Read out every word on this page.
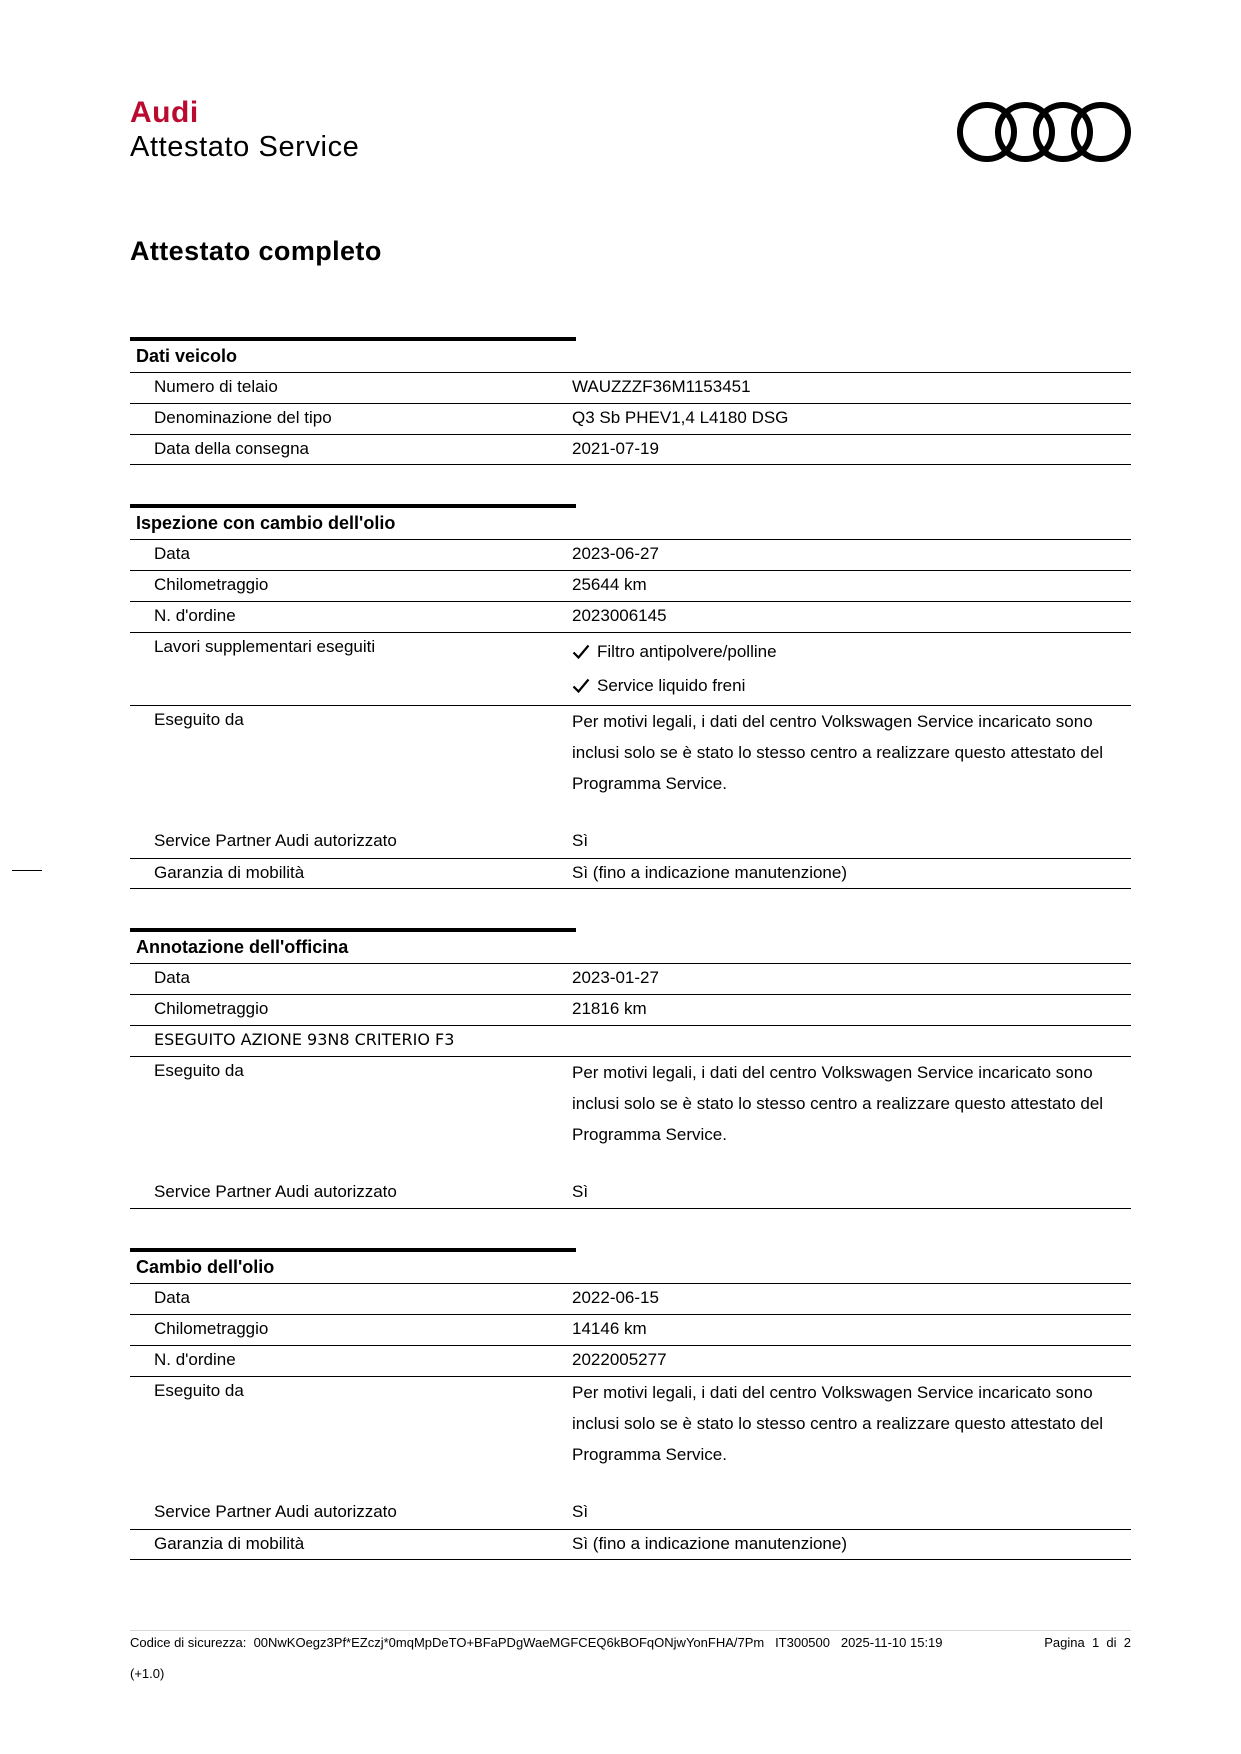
Audi
Attestato Service
Attestato completo
Dati veicolo
Numero di telaio	WAUZZZF36M1153451
Denominazione del tipo	Q3 Sb PHEV1,4 L4180 DSG
Data della consegna	2021-07-19
Ispezione con cambio dell'olio
Data	2023-06-27
Chilometraggio	25644 km
N. d'ordine	2023006145
Lavori supplementari eseguiti	Filtro antipolvere/polline
Service liquido freni
Eseguito da	Per motivi legali, i dati del centro Volkswagen Service incaricato sono inclusi solo se è stato lo stesso centro a realizzare questo attestato del Programma Service.
Service Partner Audi autorizzato	Sì
Garanzia di mobilità	Sì (fino a indicazione manutenzione)
Annotazione dell'officina
Data	2023-01-27
Chilometraggio	21816 km
ESEGUITO AZIONE 93N8 CRITERIO F3
Eseguito da	Per motivi legali, i dati del centro Volkswagen Service incaricato sono inclusi solo se è stato lo stesso centro a realizzare questo attestato del Programma Service.
Service Partner Audi autorizzato	Sì
Cambio dell'olio
Data	2022-06-15
Chilometraggio	14146 km
N. d'ordine	2022005277
Eseguito da	Per motivi legali, i dati del centro Volkswagen Service incaricato sono inclusi solo se è stato lo stesso centro a realizzare questo attestato del Programma Service.
Service Partner Audi autorizzato	Sì
Garanzia di mobilità	Sì (fino a indicazione manutenzione)
Codice di sicurezza: 00NwKOegz3Pf*EZczj*0mqMpDeTO+BFaPDgWaeMGFCEQ6kBOFqONjwYonFHA/7Pm IT300500 2025-11-10 15:19	Pagina 1 di 2
(+1.0)
